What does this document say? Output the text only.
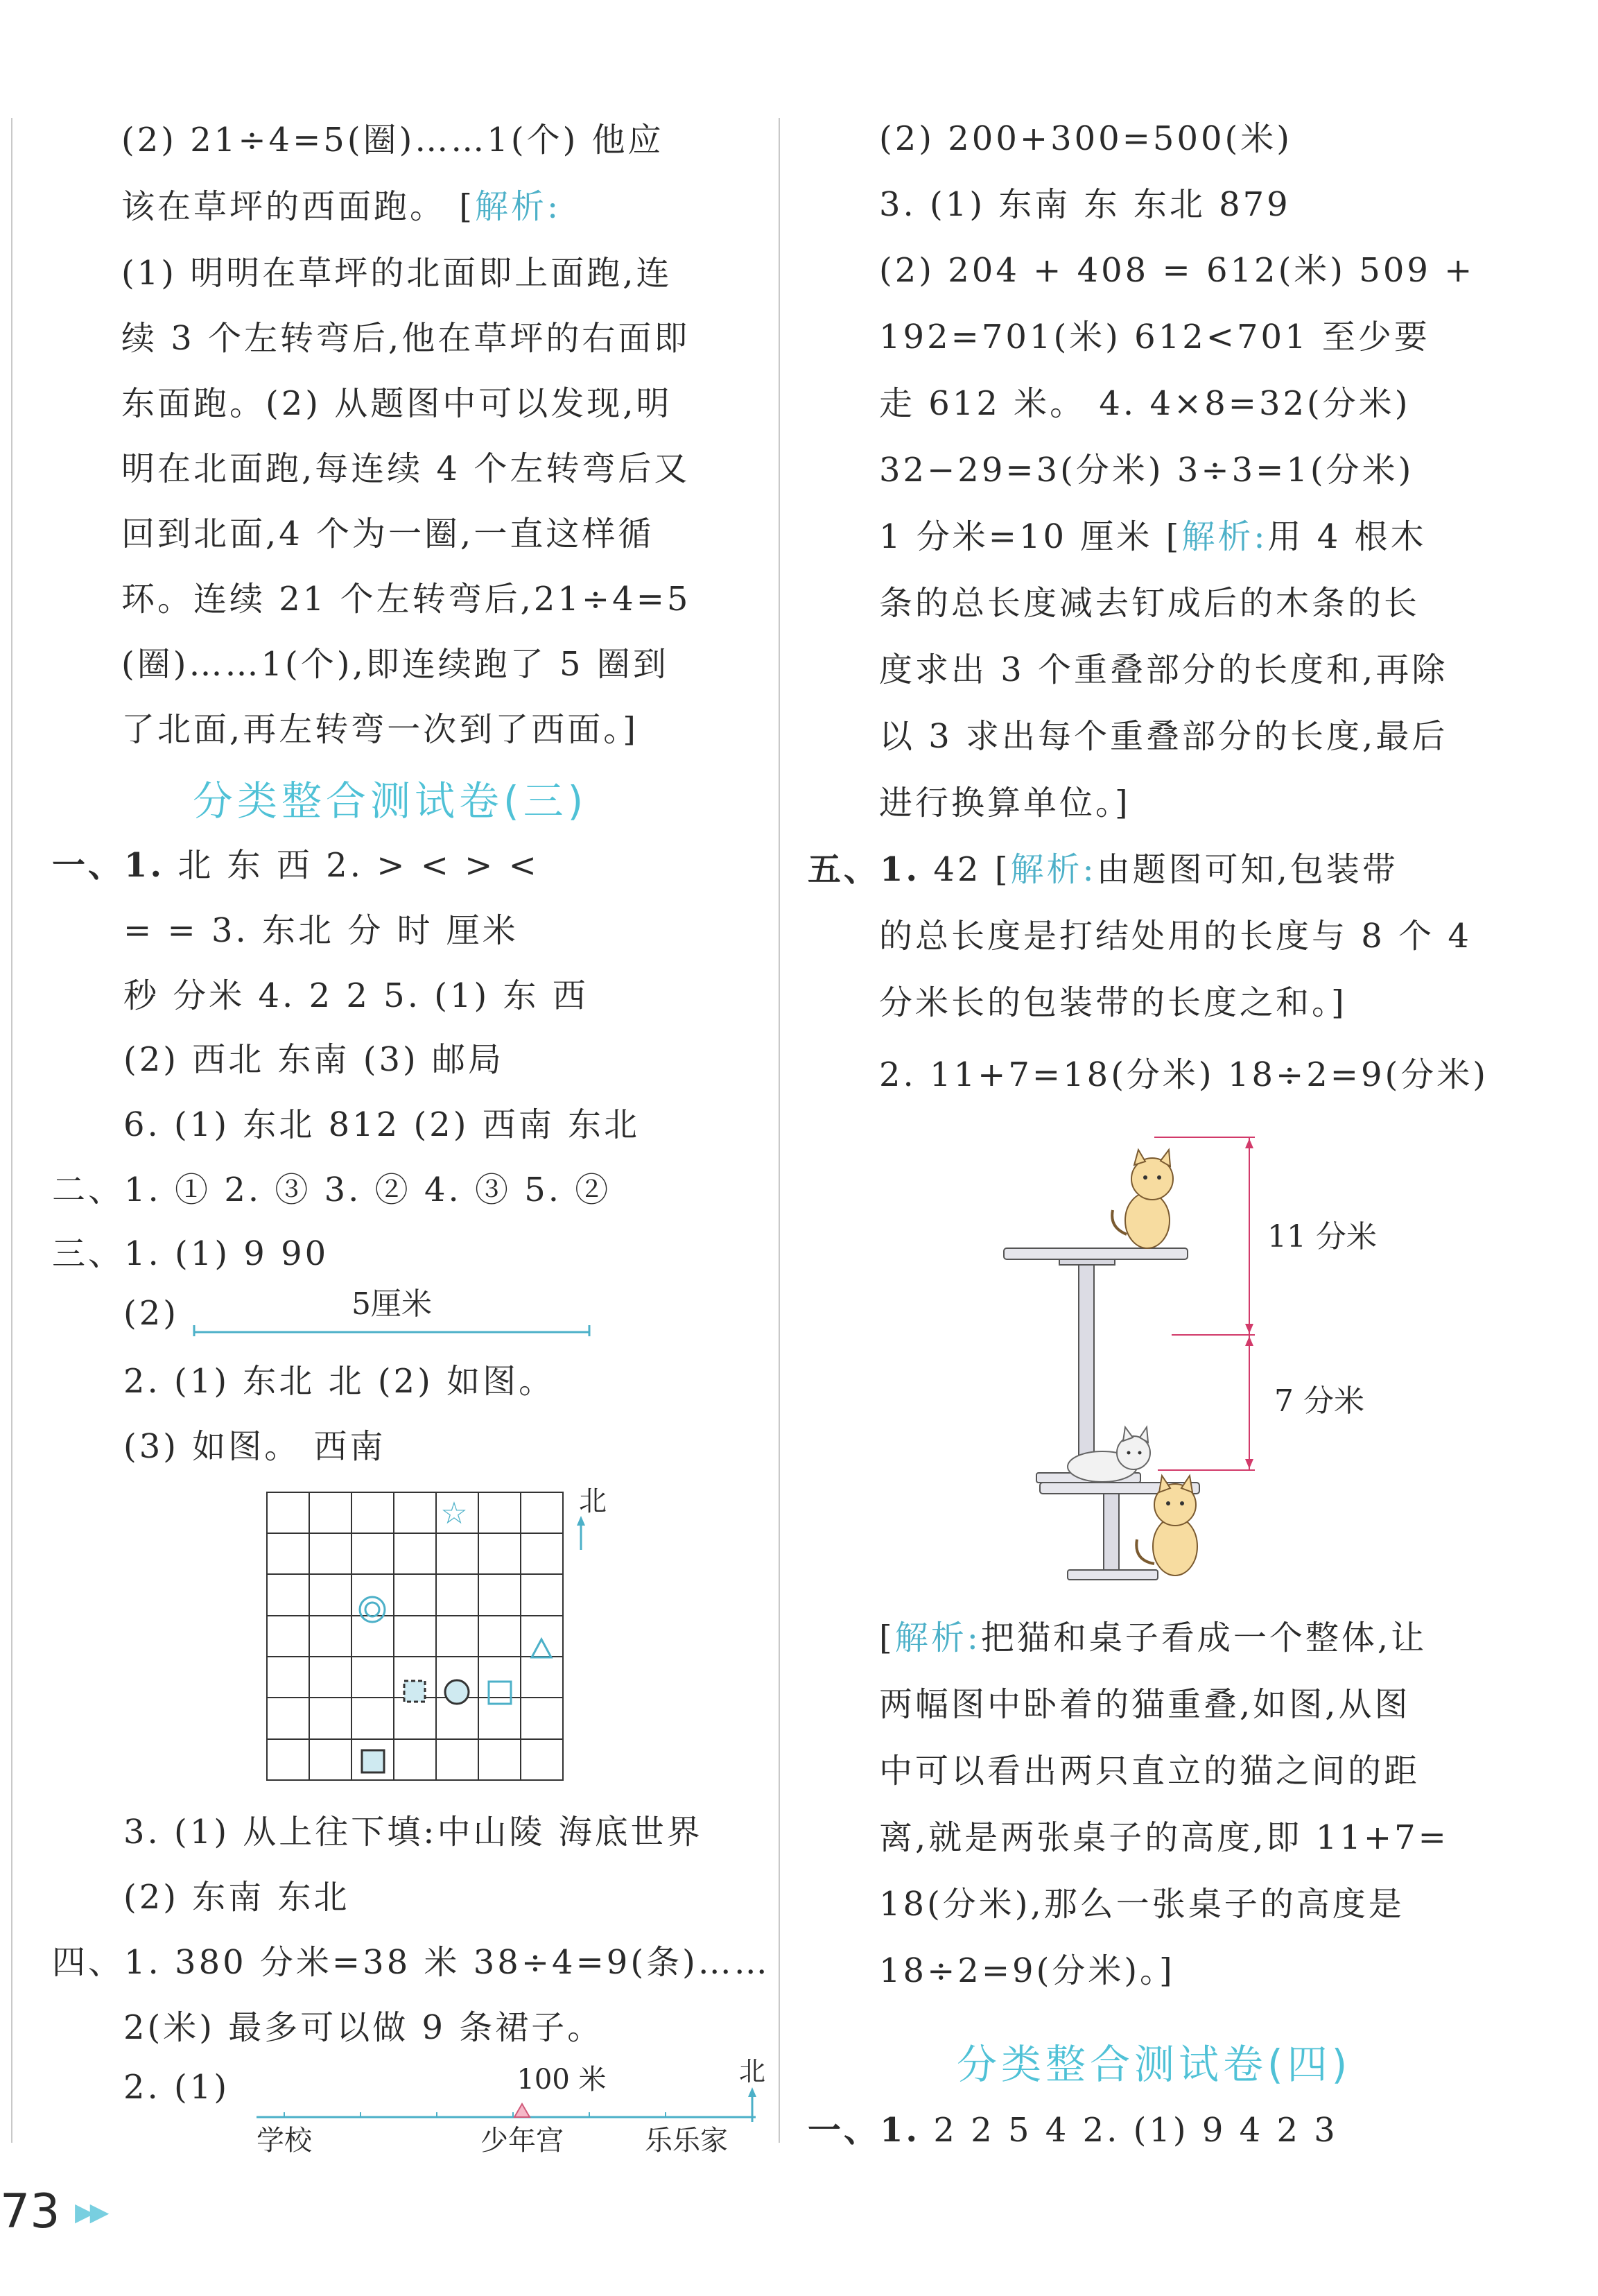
(2) 21÷4=5(圈)……1(个) 他应
该在草坪的西面跑。 [解析:
(1) 明明在草坪的北面即上面跑,连
续 3 个左转弯后,他在草坪的右面即
东面跑。(2) 从题图中可以发现,明
明在北面跑,每连续 4 个左转弯后又
回到北面,4 个为一圈,一直这样循
环。连续 21 个左转弯后,21÷4=5
(圈)……1(个),即连续跑了 5 圈到
了北面,再左转弯一次到了西面。]
分类整合测试卷(三)
一、1. 北 东 西 2. > < > <
= = 3. 东北 分 时 厘米
秒 分米 4. 2 2 5. (1) 东 西
(2) 西北 东南 (3) 邮局
6. (1) 东北 812 (2) 西南 东北
二、1. ① 2. ③ 3. ② 4. ③ 5. ②
三、1. (1) 9 90
(2)	5厘米
2. (1) 东北 北 (2) 如图。
(3) 如图。 西南
☆	北
3. (1) 从上往下填:中山陵 海底世界
(2) 东南 东北
四、1. 380 分米=38 米 38÷4=9(条)……
2(米) 最多可以做 9 条裙子。
2. (1)	100 米	北
学校	少年宫	乐乐家
(2) 200+300=500(米)
3. (1) 东南 东 东北 879
(2) 204 + 408 = 612(米) 509 +
192=701(米) 612<701 至少要
走 612 米。 4. 4×8=32(分米)
32−29=3(分米) 3÷3=1(分米)
1 分米=10 厘米 [解析:用 4 根木
条的总长度减去钉成后的木条的长
度求出 3 个重叠部分的长度和,再除
以 3 求出每个重叠部分的长度,最后
进行换算单位。]
五、1. 42 [解析:由题图可知,包装带
的总长度是打结处用的长度与 8 个 4
分米长的包装带的长度之和。]
2. 11+7=18(分米) 18÷2=9(分米)
11 分米
7 分米
[解析:把猫和桌子看成一个整体,让
两幅图中卧着的猫重叠,如图,从图
中可以看出两只直立的猫之间的距
离,就是两张桌子的高度,即 11+7=
18(分米),那么一张桌子的高度是
18÷2=9(分米)。]
分类整合测试卷(四)
一、1. 2 2 5 4 2. (1) 9 4 2 3
73 ▶▶
